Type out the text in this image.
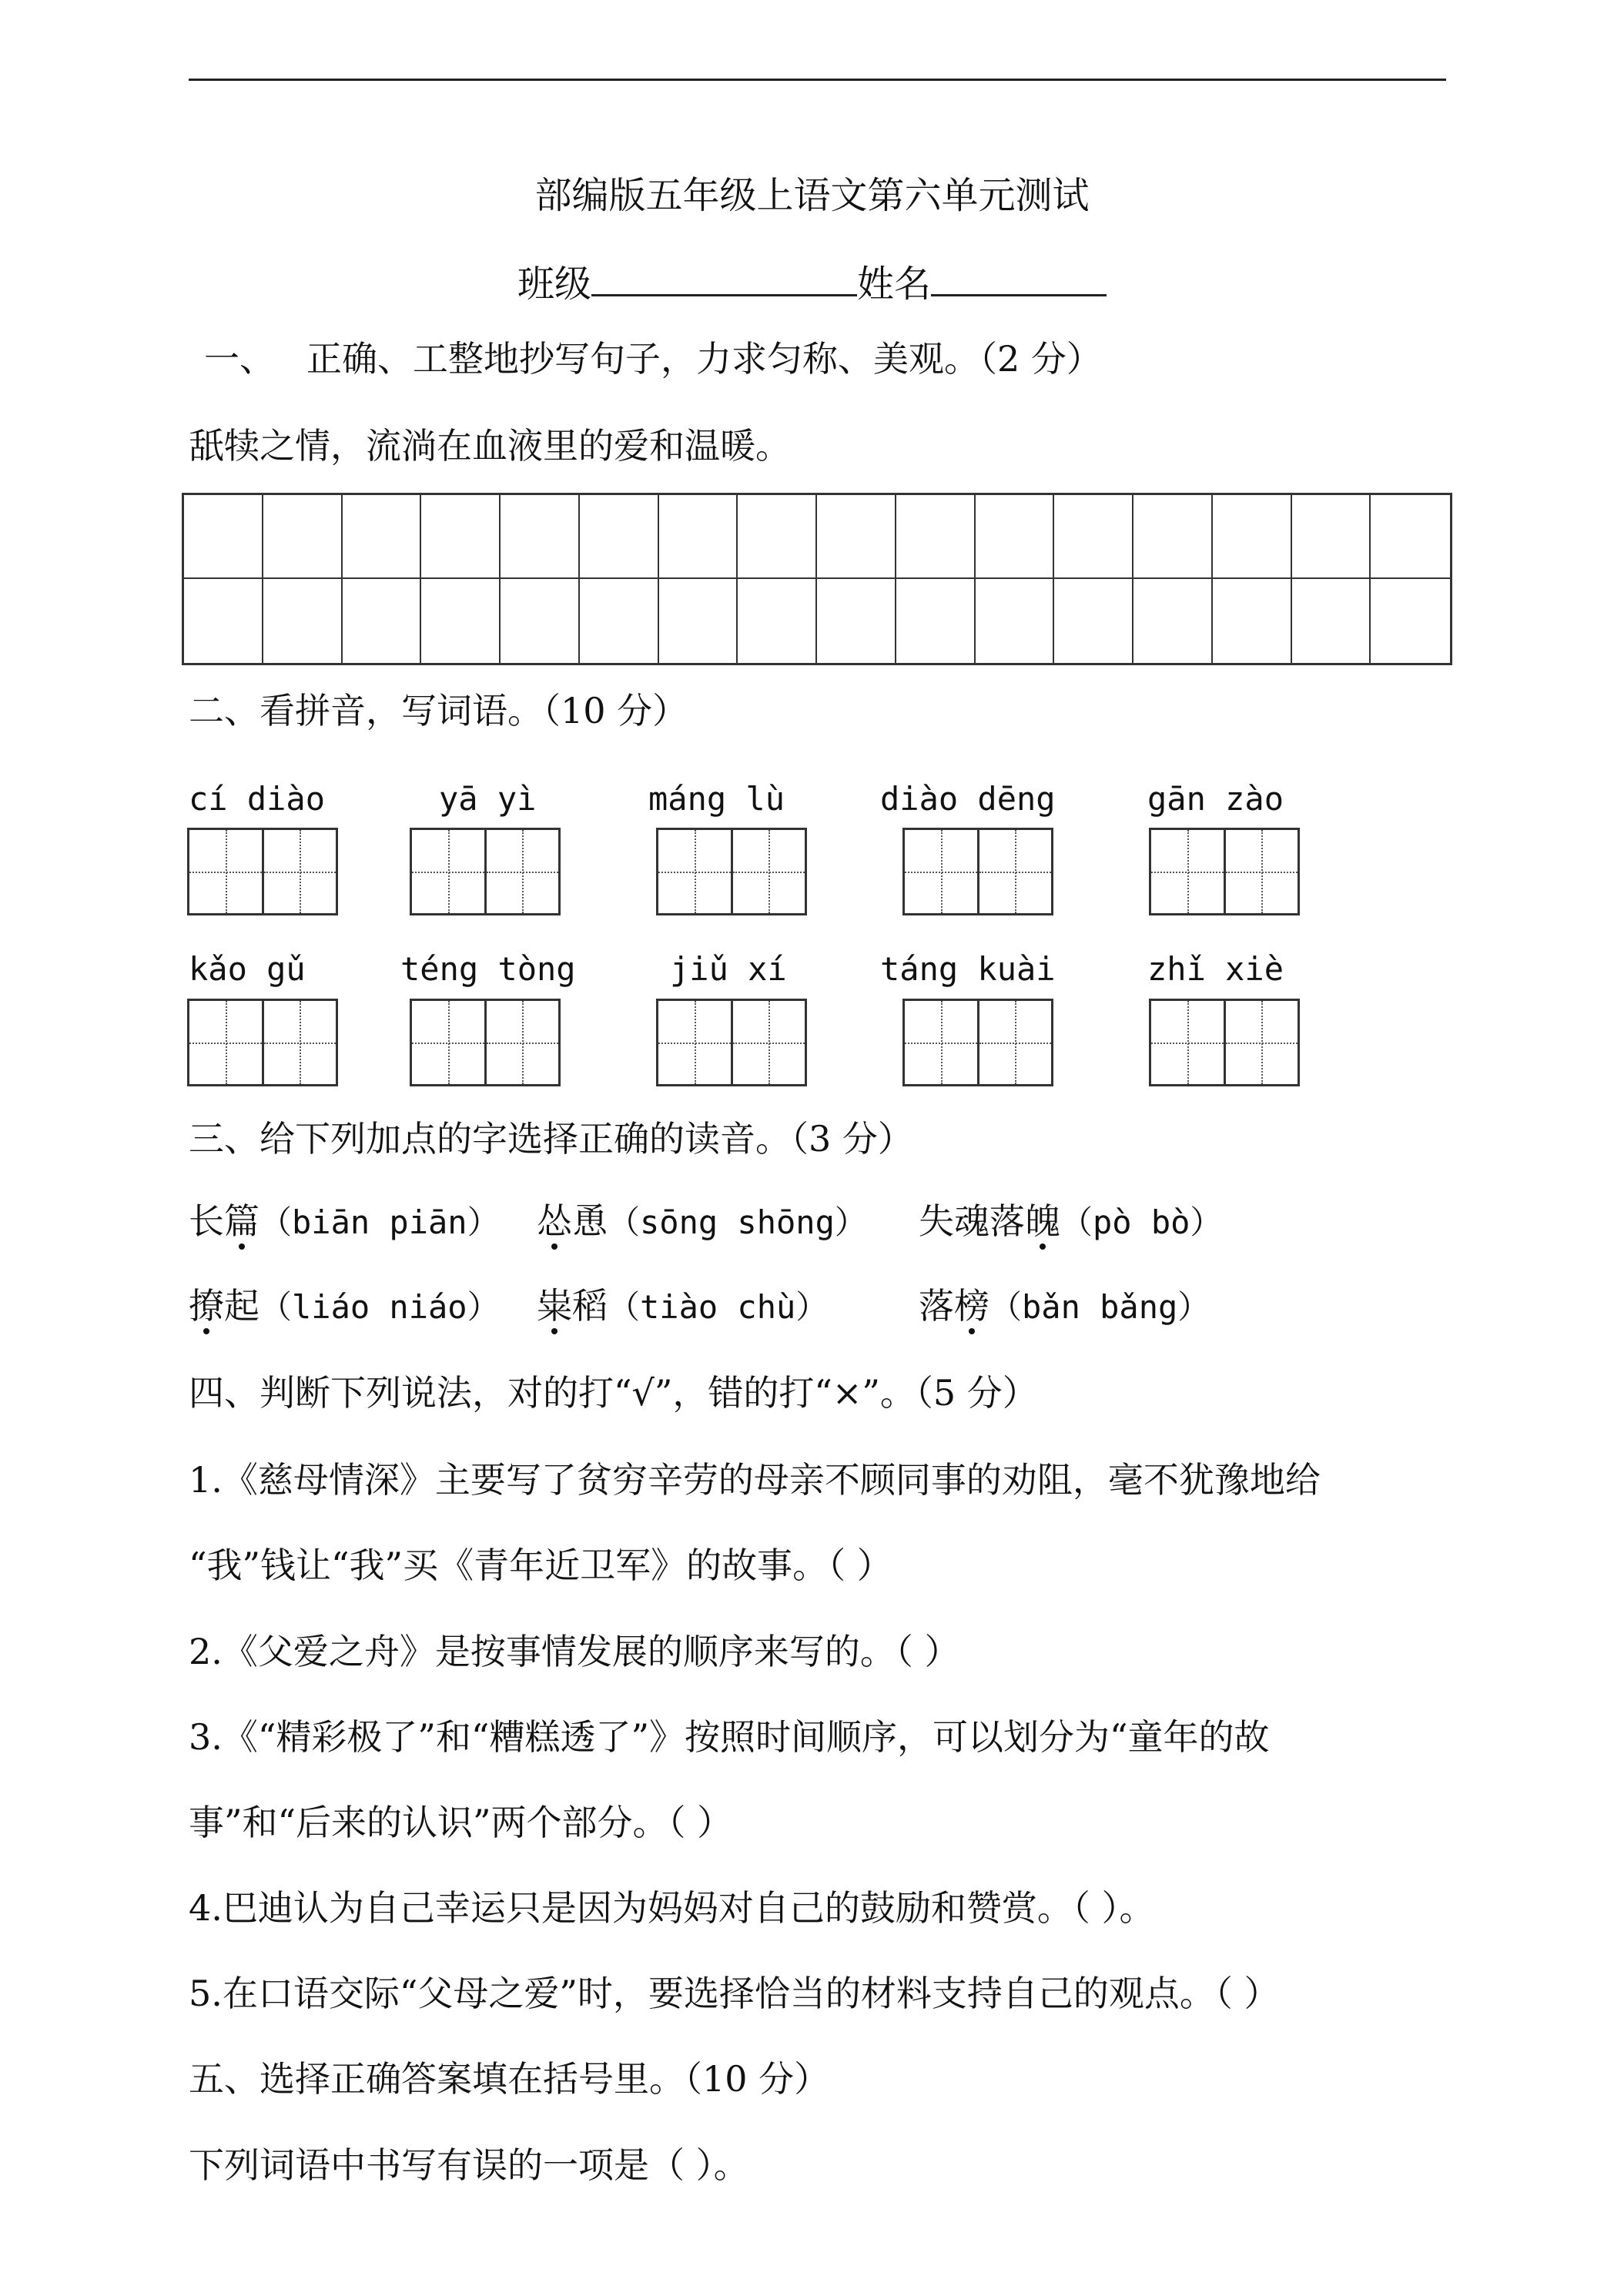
部编版五年级上语文第六单元测试
班级	姓名
一、 正确、工整地抄写句子，力求匀称、美观。（2 分）
舐犊之情，流淌在血液里的爱和温暖。
二、看拼音，写词语。（10 分）
cí diào	yā yì	máng lù	diào dēng	gān zào
kǎo gǔ	téng tòng	jiǔ xí	táng kuài	zhǐ xiè
三、给下列加点的字选择正确的读音。（3 分）
长篇（biān piān） 怂恿（sōng shōng） 失魂落魄（pò bò）
撩起（liáo niáo） 粜稻（tiào chù）	落榜（bǎn bǎng）
四、判断下列说法，对的打“√”，错的打“×”。（5 分）
1.《慈母情深》主要写了贫穷辛劳的母亲不顾同事的劝阻，毫不犹豫地给
“我”钱让“我”买《青年近卫军》的故事。（ ）
2.《父爱之舟》是按事情发展的顺序来写的。（ ）
3.《“精彩极了”和“糟糕透了”》按照时间顺序，可以划分为“童年的故
事”和“后来的认识”两个部分。（ ）
4.巴迪认为自己幸运只是因为妈妈对自己的鼓励和赞赏。（ ）。
5.在口语交际“父母之爱”时，要选择恰当的材料支持自己的观点。（ ）
五、选择正确答案填在括号里。（10 分）
下列词语中书写有误的一项是（ ）。
